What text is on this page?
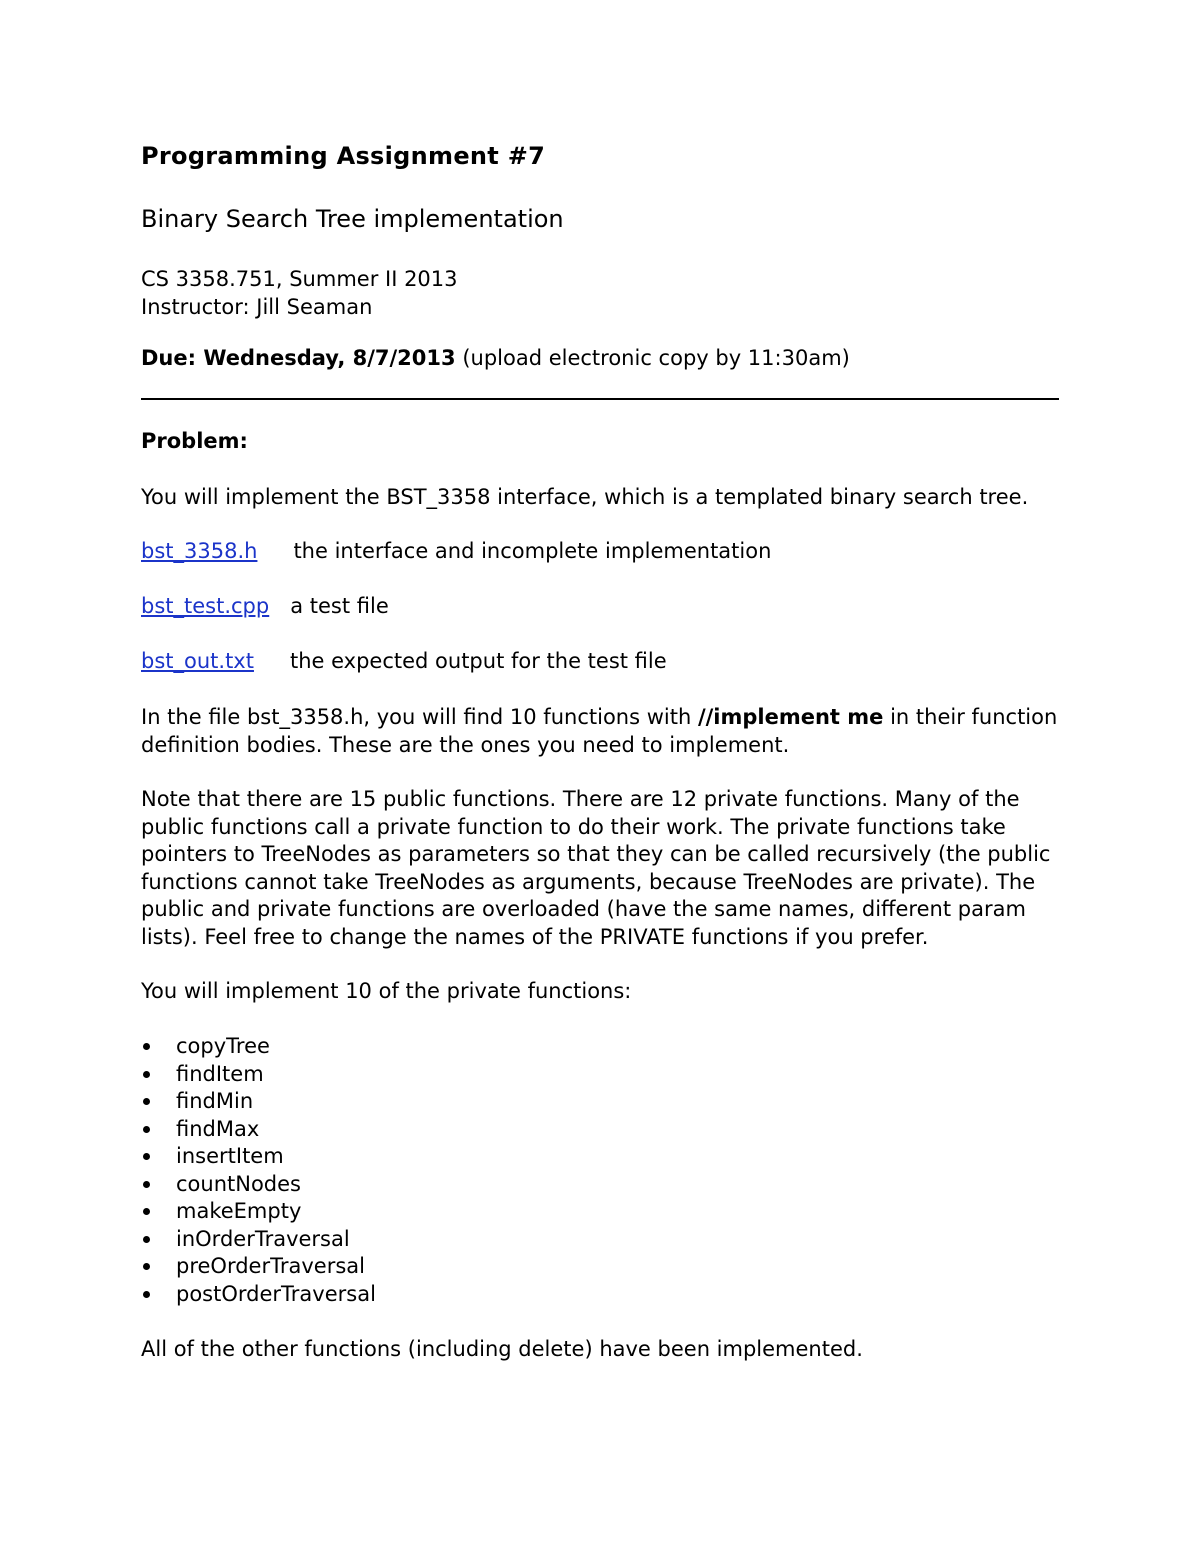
Programming Assignment #7
Binary Search Tree implementation
CS 3358.751, Summer II 2013
Instructor: Jill Seaman

Due: Wednesday, 8/7/2013 (upload electronic copy by 11:30am)

Problem:

You will implement the BST_3358 interface, which is a templated binary search tree.

bst_3358.h the interface and incomplete implementation

bst_test.cpp a test file

bst_out.txt the expected output for the test file

In the file bst_3358.h, you will find 10 functions with //implement me in their function definition bodies. These are the ones you need to implement.

Note that there are 15 public functions. There are 12 private functions. Many of the public functions call a private function to do their work. The private functions take pointers to TreeNodes as parameters so that they can be called recursively (the public functions cannot take TreeNodes as arguments, because TreeNodes are private). The public and private functions are overloaded (have the same names, different param lists). Feel free to change the names of the PRIVATE functions if you prefer.

You will implement 10 of the private functions:

copyTree
findItem
findMin
findMax
insertItem
countNodes
makeEmpty
inOrderTraversal
preOrderTraversal
postOrderTraversal

All of the other functions (including delete) have been implemented.
